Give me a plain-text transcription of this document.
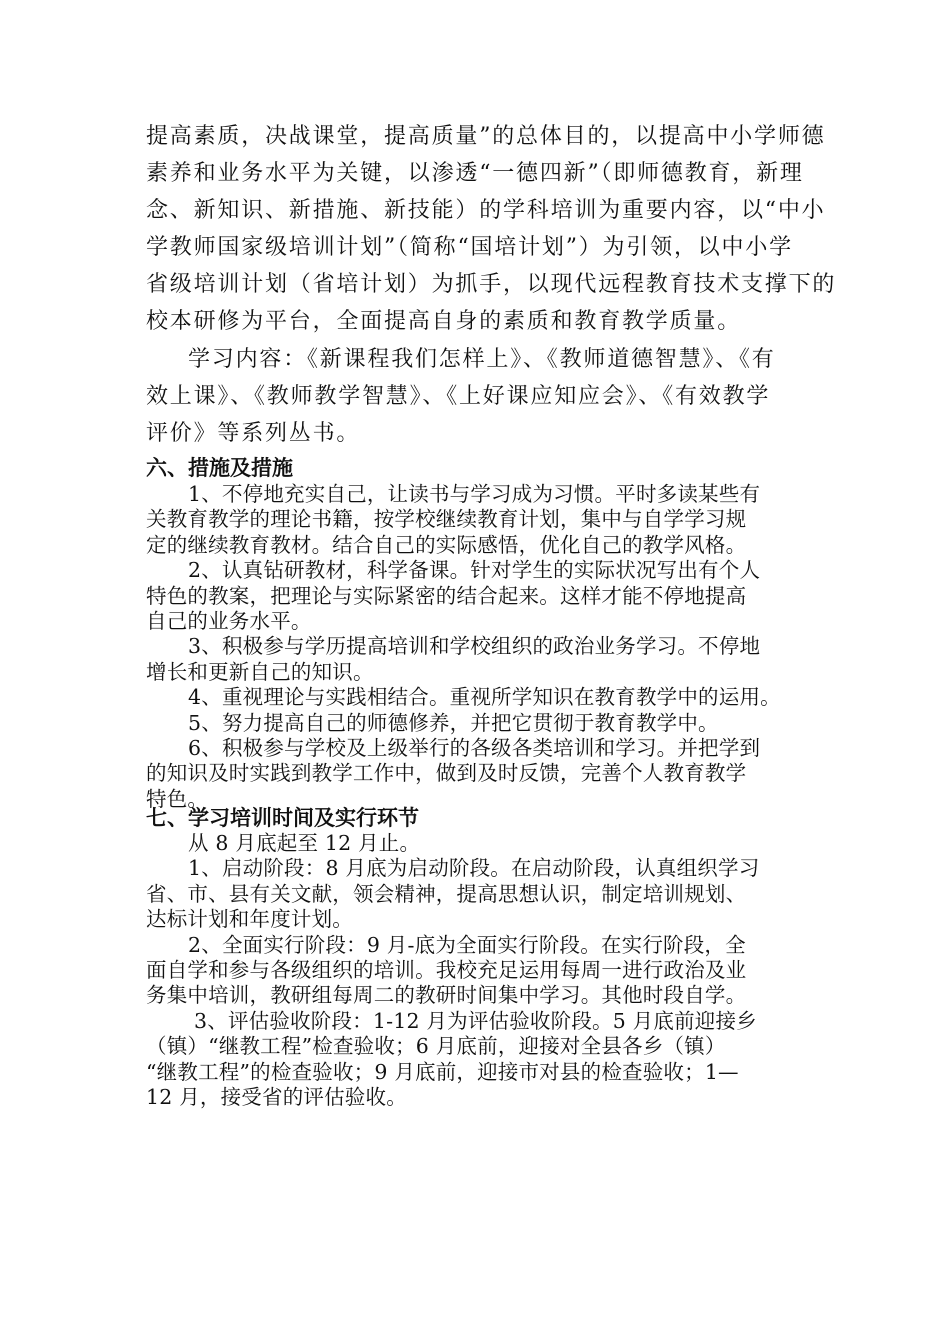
提高素质，决战课堂，提高质量”的总体目的，以提高中小学师德
素养和业务水平为关键，以渗透“一德四新”（即师德教育，新理
念、新知识、新措施、新技能）的学科培训为重要内容，以“中小
学教师国家级培训计划”（简称“国培计划”）为引领，以中小学
省级培训计划（省培计划）为抓手，以现代远程教育技术支撑下的
校本研修为平台，全面提高自身的素质和教育教学质量。
学习内容：《新课程我们怎样上》、《教师道德智慧》、《有
效上课》、《教师教学智慧》、《上好课应知应会》、《有效教学
评价》等系列丛书。
六、措施及措施
1、不停地充实自己，让读书与学习成为习惯。平时多读某些有
关教育教学的理论书籍，按学校继续教育计划，集中与自学学习规
定的继续教育教材。结合自己的实际感悟，优化自己的教学风格。
2、认真钻研教材，科学备课。针对学生的实际状况写出有个人
特色的教案，把理论与实际紧密的结合起来。这样才能不停地提高
自己的业务水平。
3、积极参与学历提高培训和学校组织的政治业务学习。不停地
增长和更新自己的知识。
4、重视理论与实践相结合。重视所学知识在教育教学中的运用。
5、努力提高自己的师德修养，并把它贯彻于教育教学中。
6、积极参与学校及上级举行的各级各类培训和学习。并把学到
的知识及时实践到教学工作中，做到及时反馈，完善个人教育教学
特色。
七、学习培训时间及实行环节
从 8 月底起至 12 月止。
1、启动阶段：8 月底为启动阶段。在启动阶段，认真组织学习
省、市、县有关文献，领会精神，提高思想认识，制定培训规划、
达标计划和年度计划。
2、全面实行阶段：9 月-底为全面实行阶段。在实行阶段，全
面自学和参与各级组织的培训。我校充足运用每周一进行政治及业
务集中培训，教研组每周二的教研时间集中学习。其他时段自学。
3、评估验收阶段：1-12 月为评估验收阶段。5 月底前迎接乡
（镇）“继教工程”检查验收；6 月底前，迎接对全县各乡（镇）
“继教工程”的检查验收；9 月底前，迎接市对县的检查验收；1—
12 月，接受省的评估验收。
